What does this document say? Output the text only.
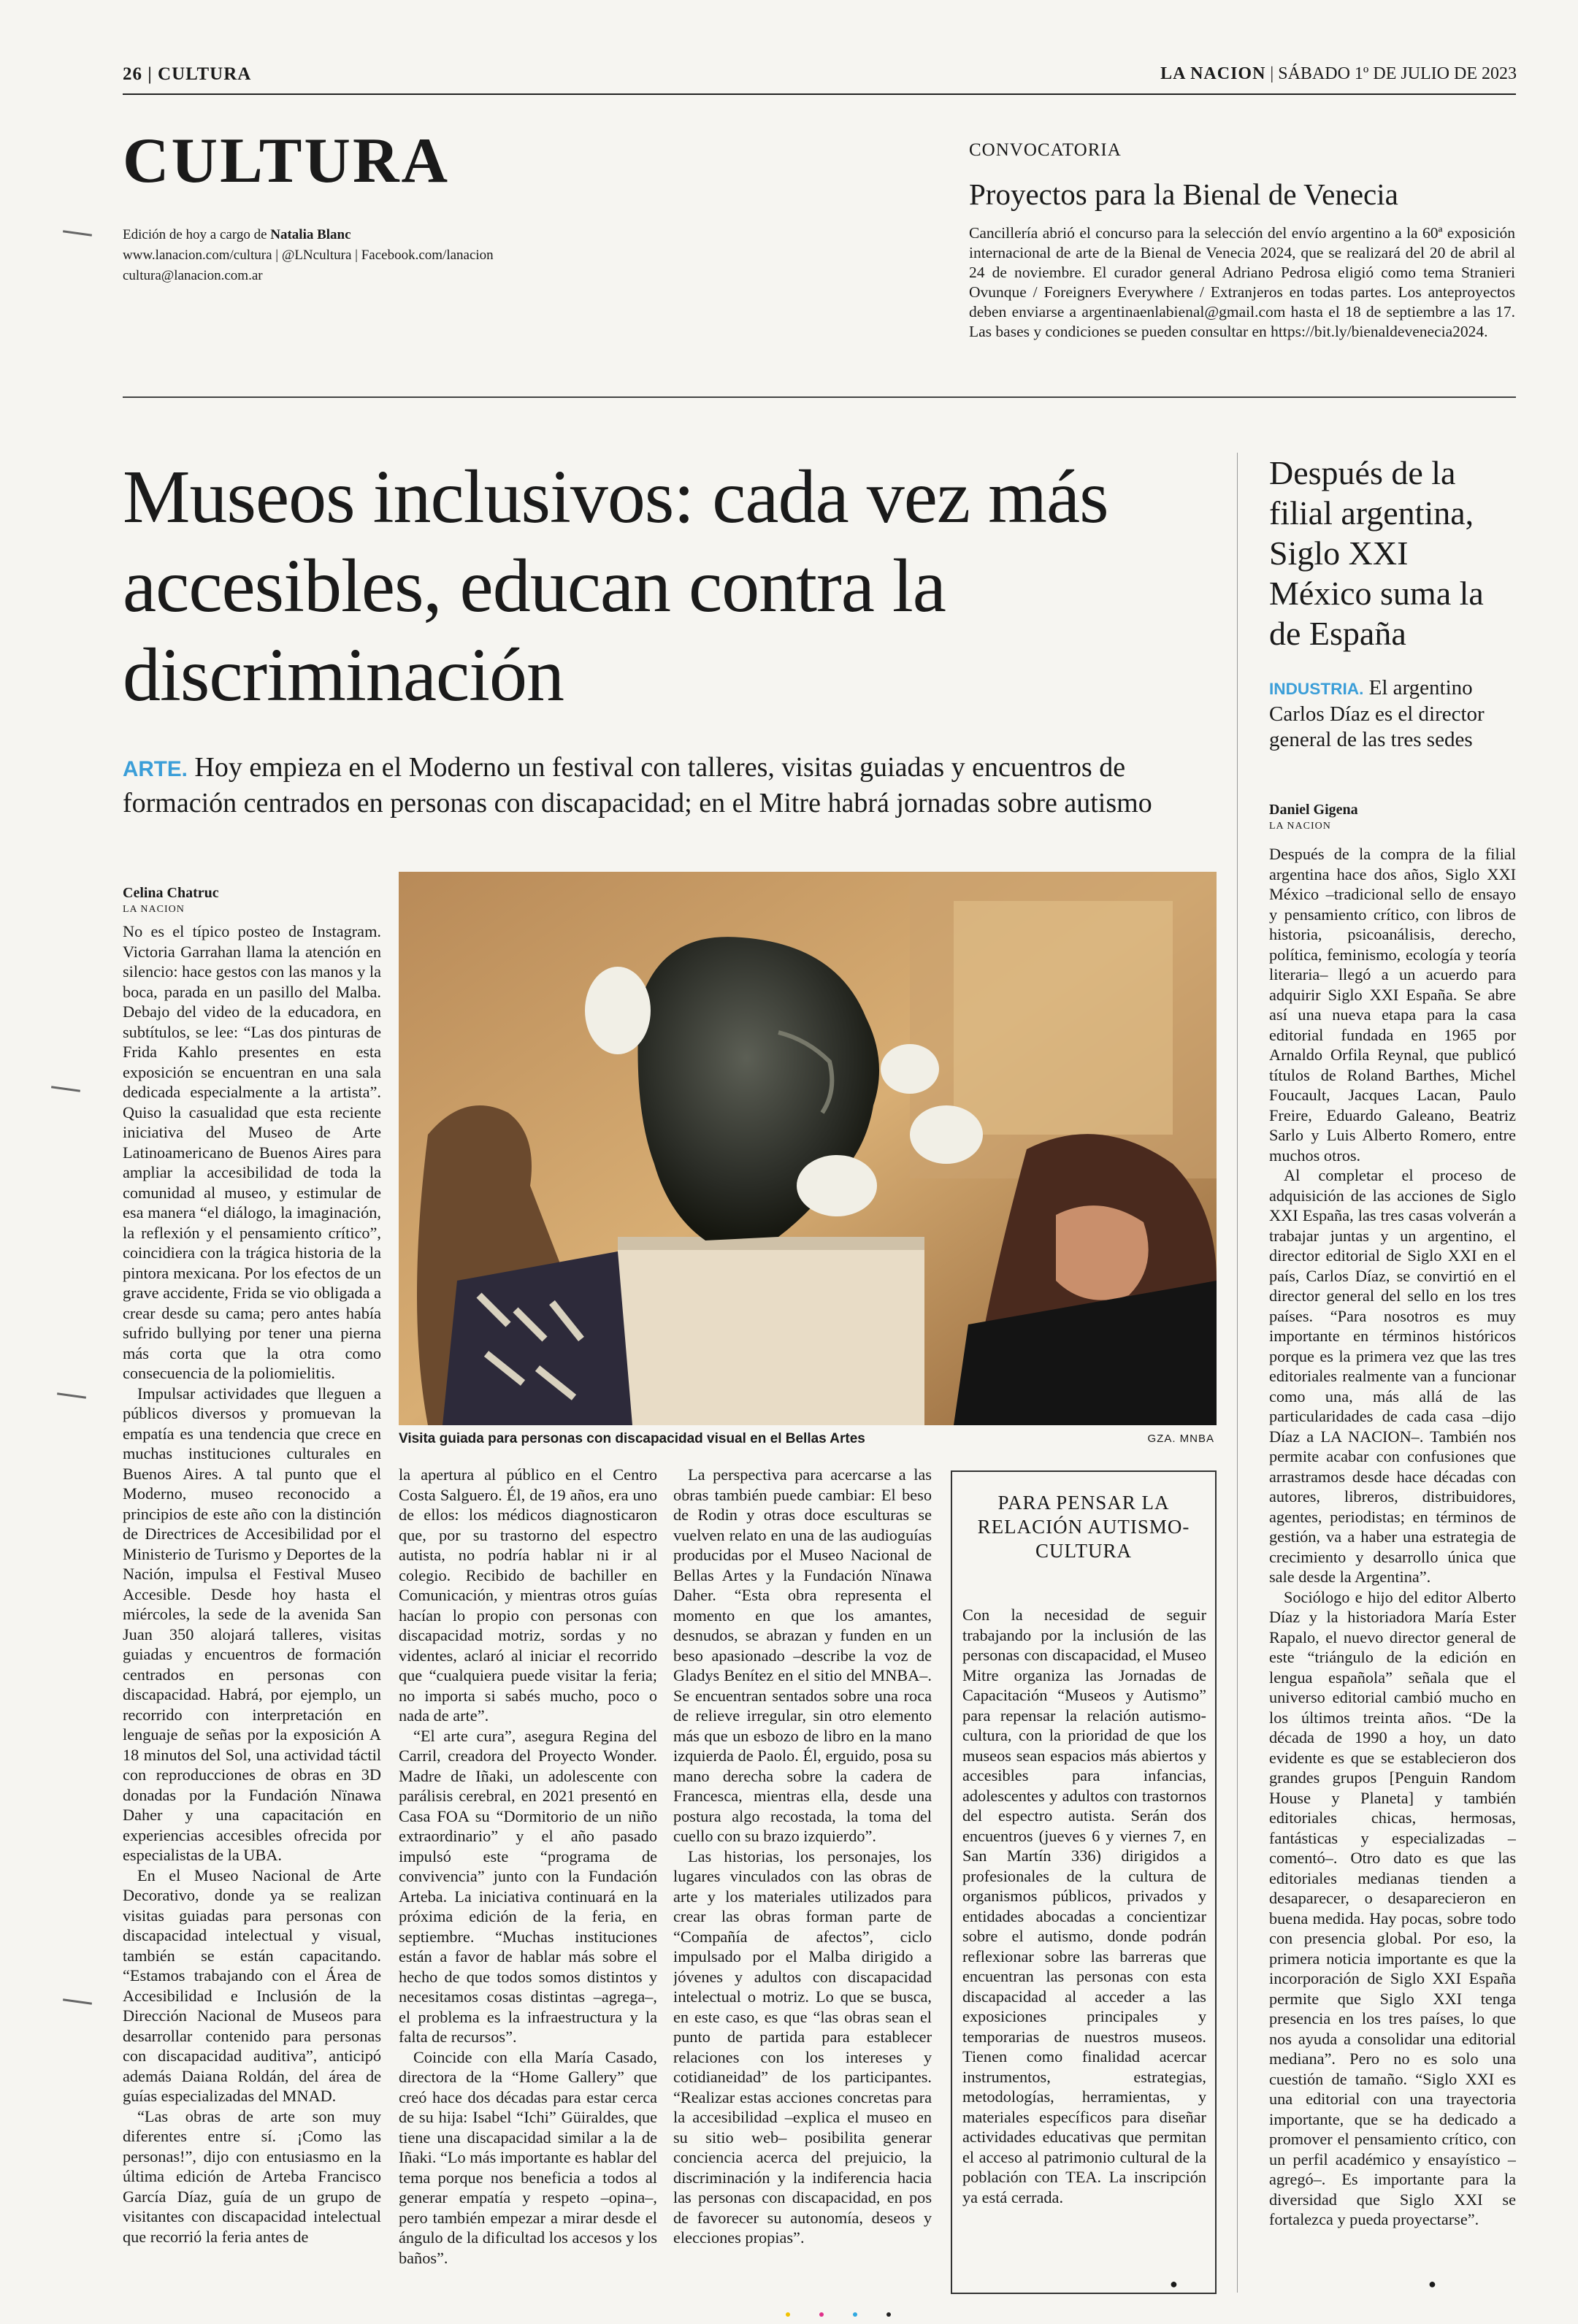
26 | CULTURA	LA NACION | SÁBADO 1º DE JULIO DE 2023
CULTURA
Edición de hoy a cargo de Natalia Blanc
www.lanacion.com/cultura | @LNcultura | Facebook.com/lanacion
cultura@lanacion.com.ar
CONVOCATORIA
Proyectos para la Bienal de Venecia
Cancillería abrió el concurso para la selección del envío argentino a la 60ª exposición internacional de arte de la Bienal de Venecia 2024, que se realizará del 20 de abril al 24 de noviembre. El curador general Adriano Pedrosa eligió como tema Stranieri Ovunque / Foreigners Everywhere / Extranjeros en todas partes. Los anteproyectos deben enviarse a argentinaenlabienal@gmail.com hasta el 18 de septiembre a las 17. Las bases y condiciones se pueden consultar en https://bit.ly/bienaldevenecia2024.
Museos inclusivos: cada vez más accesibles, educan contra la discriminación
ARTE. Hoy empieza en el Moderno un festival con talleres, visitas guiadas y encuentros de formación centrados en personas con discapacidad; en el Mitre habrá jornadas sobre autismo
Visita guiada para personas con discapacidad visual en el Bellas Artes	GZA. MNBA
Celina Chatruc
LA NACION

No es el típico posteo de Instagram. Victoria Garrahan llama la atención en silencio: hace gestos con las manos y la boca, parada en un pasillo del Malba. Debajo del video de la educadora, en subtítulos, se lee: “Las dos pinturas de Frida Kahlo presentes en esta exposición se encuentran en una sala dedicada especialmente a la artista”. Quiso la casualidad que esta reciente iniciativa del Museo de Arte Latinoamericano de Buenos Aires para ampliar la accesibilidad de toda la comunidad al museo, y estimular de esa manera “el diálogo, la imaginación, la reflexión y el pensamiento crítico”, coincidiera con la trágica historia de la pintora mexicana. Por los efectos de un grave accidente, Frida se vio obligada a crear desde su cama; pero antes había sufrido bullying por tener una pierna más corta que la otra como consecuencia de la poliomielitis.

Impulsar actividades que lleguen a públicos diversos y promuevan la empatía es una tendencia que crece en muchas instituciones culturales en Buenos Aires. A tal punto que el Moderno, museo reconocido a principios de este año con la distinción de Directrices de Accesibilidad por el Ministerio de Turismo y Deportes de la Nación, impulsa el Festival Museo Accesible. Desde hoy hasta el miércoles, la sede de la avenida San Juan 350 alojará talleres, visitas guiadas y encuentros de formación centrados en personas con discapacidad. Habrá, por ejemplo, un recorrido con interpretación en lenguaje de señas por la exposición A 18 minutos del Sol, una actividad táctil con reproducciones de obras en 3D donadas por la Fundación Nïnawa Daher y una capacitación en experiencias accesibles ofrecida por especialistas de la UBA.

En el Museo Nacional de Arte Decorativo, donde ya se realizan visitas guiadas para personas con discapacidad intelectual y visual, también se están capacitando. “Estamos trabajando con el Área de Accesibilidad e Inclusión de la Dirección Nacional de Museos para desarrollar contenido para personas con discapacidad auditiva”, anticipó además Daiana Roldán, del área de guías especializadas del MNAD.

“Las obras de arte son muy diferentes entre sí. ¡Como las personas!”, dijo con entusiasmo en la última edición de Arteba Francisco García Díaz, guía de un grupo de visitantes con discapacidad intelectual que recorrió la feria antes de

la apertura al público en el Centro Costa Salguero. Él, de 19 años, era uno de ellos: los médicos diagnosticaron que, por su trastorno del espectro autista, no podría hablar ni ir al colegio. Recibido de bachiller en Comunicación, y mientras otros guías hacían lo propio con personas con discapacidad motriz, sordas y no videntes, aclaró al iniciar el recorrido que “cualquiera puede visitar la feria; no importa si sabés mucho, poco o nada de arte”.

“El arte cura”, asegura Regina del Carril, creadora del Proyecto Wonder. Madre de Iñaki, un adolescente con parálisis cerebral, en 2021 presentó en Casa FOA su “Dormitorio de un niño extraordinario” y el año pasado impulsó este “programa de convivencia” junto con la Fundación Arteba. La iniciativa continuará en la próxima edición de la feria, en septiembre. “Muchas instituciones están a favor de hablar más sobre el hecho de que todos somos distintos y necesitamos cosas distintas –agrega–, el problema es la infraestructura y la falta de recursos”.

Coincide con ella María Casado, directora de la “Home Gallery” que creó hace dos décadas para estar cerca de su hija: Isabel “Ichi” Güiraldes, que tiene una discapacidad similar a la de Iñaki. “Lo más importante es hablar del tema porque nos beneficia a todos al generar empatía y respeto –opina–, pero también empezar a mirar desde el ángulo de la dificultad los accesos y los baños”.

La perspectiva para acercarse a las obras también puede cambiar: El beso de Rodin y otras doce esculturas se vuelven relato en una de las audioguías producidas por el Museo Nacional de Bellas Artes y la Fundación Nïnawa Daher. “Esta obra representa el momento en que los amantes, desnudos, se abrazan y funden en un beso apasionado –describe la voz de Gladys Benítez en el sitio del MNBA–. Se encuentran sentados sobre una roca de relieve irregular, sin otro elemento más que un esbozo de libro en la mano izquierda de Paolo. Él, erguido, posa su mano derecha sobre la cadera de Francesca, mientras ella, desde una postura algo recostada, la toma del cuello con su brazo izquierdo”.

Las historias, los personajes, los lugares vinculados con las obras de arte y los materiales utilizados para crear las obras forman parte de “Compañía de afectos”, ciclo impulsado por el Malba dirigido a jóvenes y adultos con discapacidad intelectual o motriz. Lo que se busca, en este caso, es que “las obras sean el punto de partida para establecer relaciones con los intereses y cotidianeidad” de los participantes. “Realizar estas acciones concretas para la accesibilidad –explica el museo en su sitio web– posibilita generar conciencia acerca del prejuicio, la discriminación y la indiferencia hacia las personas con discapacidad, en pos de favorecer su autonomía, deseos y elecciones propias”.

PARA PENSAR LA RELACIÓN AUTISMO-CULTURA

Con la necesidad de seguir trabajando por la inclusión de las personas con discapacidad, el Museo Mitre organiza las Jornadas de Capacitación “Museos y Autismo” para repensar la relación autismo-cultura, con la prioridad de que los museos sean espacios más abiertos y accesibles para infancias, adolescentes y adultos con trastornos del espectro autista. Serán dos encuentros (jueves 6 y viernes 7, en San Martín 336) dirigidos a profesionales de la cultura de organismos públicos, privados y entidades abocadas a concientizar sobre el autismo, donde podrán reflexionar sobre las barreras que encuentran las personas con esta discapacidad al acceder a las exposiciones principales y temporarias de nuestros museos. Tienen como finalidad acercar instrumentos, estrategias, metodologías, herramientas, y materiales específicos para diseñar actividades educativas que permitan el acceso al patrimonio cultural de la población con TEA. La inscripción ya está cerrada.

Después de la filial argentina, Siglo XXI México suma la de España
INDUSTRIA. El argentino Carlos Díaz es el director general de las tres sedes
Daniel Gigena
LA NACION

Después de la compra de la filial argentina hace dos años, Siglo XXI México –tradicional sello de ensayo y pensamiento crítico, con libros de historia, psicoanálisis, derecho, política, feminismo, ecología y teoría literaria– llegó a un acuerdo para adquirir Siglo XXI España. Se abre así una nueva etapa para la casa editorial fundada en 1965 por Arnaldo Orfila Reynal, que publicó títulos de Roland Barthes, Michel Foucault, Jacques Lacan, Paulo Freire, Eduardo Galeano, Beatriz Sarlo y Luis Alberto Romero, entre muchos otros.

Al completar el proceso de adquisición de las acciones de Siglo XXI España, las tres casas volverán a trabajar juntas y un argentino, el director editorial de Siglo XXI en el país, Carlos Díaz, se convirtió en el director general del sello en los tres países. “Para nosotros es muy importante en términos históricos porque es la primera vez que las tres editoriales realmente van a funcionar como una, más allá de las particularidades de cada casa –dijo Díaz a LA NACION–. También nos permite acabar con confusiones que arrastramos desde hace décadas con autores, libreros, distribuidores, agentes, periodistas; en términos de gestión, va a haber una estrategia de crecimiento y desarrollo única que sale desde la Argentina”.

Sociólogo e hijo del editor Alberto Díaz y la historiadora María Ester Rapalo, el nuevo director general de este “triángulo de la edición en lengua española” señala que el universo editorial cambió mucho en los últimos treinta años. “De la década de 1990 a hoy, un dato evidente es que se establecieron dos grandes grupos [Penguin Random House y Planeta] y también editoriales chicas, hermosas, fantásticas y especializadas –comentó–. Otro dato es que las editoriales medianas tienden a desaparecer, o desaparecieron en buena medida. Hay pocas, sobre todo con presencia global. Por eso, la primera noticia importante es que la incorporación de Siglo XXI España permite que Siglo XXI tenga presencia en los tres países, lo que nos ayuda a consolidar una editorial mediana”. Pero no es solo una cuestión de tamaño. “Siglo XXI es una editorial con una trayectoria importante, que se ha dedicado a promover el pensamiento crítico, con un perfil académico y ensayístico –agregó–. Es importante para la diversidad que Siglo XXI se fortalezca y pueda proyectarse”.

●	●
